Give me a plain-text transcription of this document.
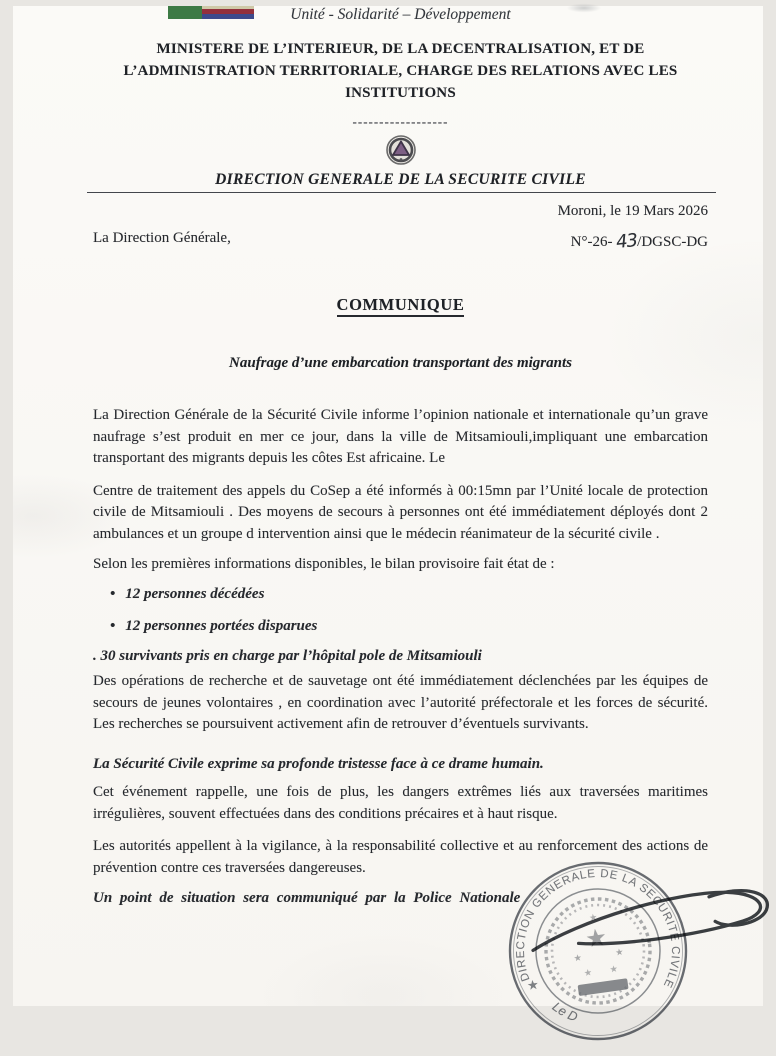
Unité - Solidarité – Développement
MINISTERE DE L’INTERIEUR, DE LA DECENTRALISATION, ET DE
L’ADMINISTRATION TERRITORIALE, CHARGE DES RELATIONS AVEC LES
INSTITUTIONS
------------------
DIRECTION GENERALE DE LA SECURITE CIVILE
Moroni, le 19 Mars 2026
La Direction Générale,	N°-26- 43/DGSC-DG
COMMUNIQUE
Naufrage d’une embarcation transportant des migrants

La Direction Générale de la Sécurité Civile informe l’opinion nationale et internationale qu’un grave naufrage s’est produit en mer ce jour, dans la ville de Mitsamiouli,impliquant une embarcation transportant des migrants depuis les côtes Est africaine. Le

Centre de traitement des appels du CoSep a été informés à 00:15mn par l’Unité locale de protection civile de Mitsamiouli . Des moyens de secours à personnes ont été immédiatement déployés dont 2 ambulances et un groupe d intervention ainsi que le médecin réanimateur de la sécurité civile .

Selon les premières informations disponibles, le bilan provisoire fait état de :

• 12 personnes décédées
• 12 personnes portées disparues

. 30 survivants pris en charge par l’hôpital pole de Mitsamiouli

Des opérations de recherche et de sauvetage ont été immédiatement déclenchées par les équipes de secours de jeunes volontaires , en coordination avec l’autorité préfectorale et les forces de sécurité. Les recherches se poursuivent activement afin de retrouver d’éventuels survivants.

La Sécurité Civile exprime sa profonde tristesse face à ce drame humain.

Cet événement rappelle, une fois de plus, les dangers extrêmes liés aux traversées maritimes irrégulières, souvent effectuées dans des conditions précaires et à haut risque.

Les autorités appellent à la vigilance, à la responsabilité collective et au renforcement des actions de prévention contre ces traversées dangereuses.

Un point de situation sera communiqué par la Police Nationale

★
★
★
★ ★
★
★
DIRECTION GENERALE DE LA SECURITE CIVILE
Le D
